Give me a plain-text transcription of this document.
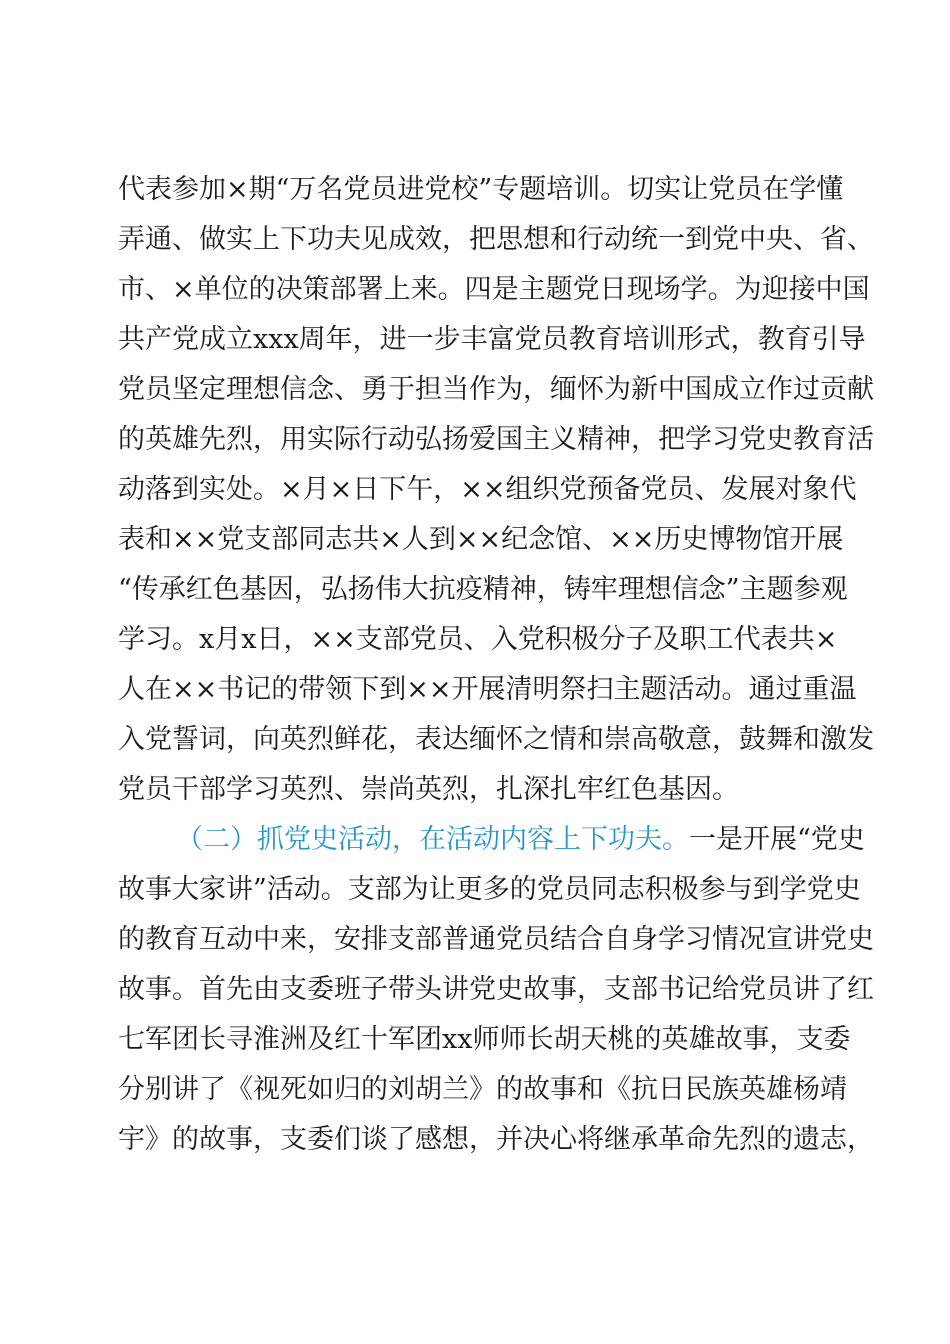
代表参加×期“万名党员进党校”专题培训。切实让党员在学懂
弄通、做实上下功夫见成效，把思想和行动统一到党中央、省、
市、×单位的决策部署上来。四是主题党日现场学。为迎接中国
共产党成立xxx周年，进一步丰富党员教育培训形式，教育引导
党员坚定理想信念、勇于担当作为，缅怀为新中国成立作过贡献
的英雄先烈，用实际行动弘扬爱国主义精神，把学习党史教育活
动落到实处。×月×日下午，××组织党预备党员、发展对象代
表和××党支部同志共×人到××纪念馆、××历史博物馆开展
“传承红色基因，弘扬伟大抗疫精神，铸牢理想信念”主题参观
学习。x月x日，××支部党员、入党积极分子及职工代表共×
人在××书记的带领下到××开展清明祭扫主题活动。通过重温
入党誓词，向英烈鲜花，表达缅怀之情和崇高敬意，鼓舞和激发
党员干部学习英烈、崇尚英烈，扎深扎牢红色基因。
（二）抓党史活动，在活动内容上下功夫。一是开展“党史
故事大家讲”活动。支部为让更多的党员同志积极参与到学党史
的教育互动中来，安排支部普通党员结合自身学习情况宣讲党史
故事。首先由支委班子带头讲党史故事，支部书记给党员讲了红
七军团长寻淮洲及红十军团xx师师长胡天桃的英雄故事，支委
分别讲了《视死如归的刘胡兰》的故事和《抗日民族英雄杨靖
宇》的故事，支委们谈了感想，并决心将继承革命先烈的遗志，
